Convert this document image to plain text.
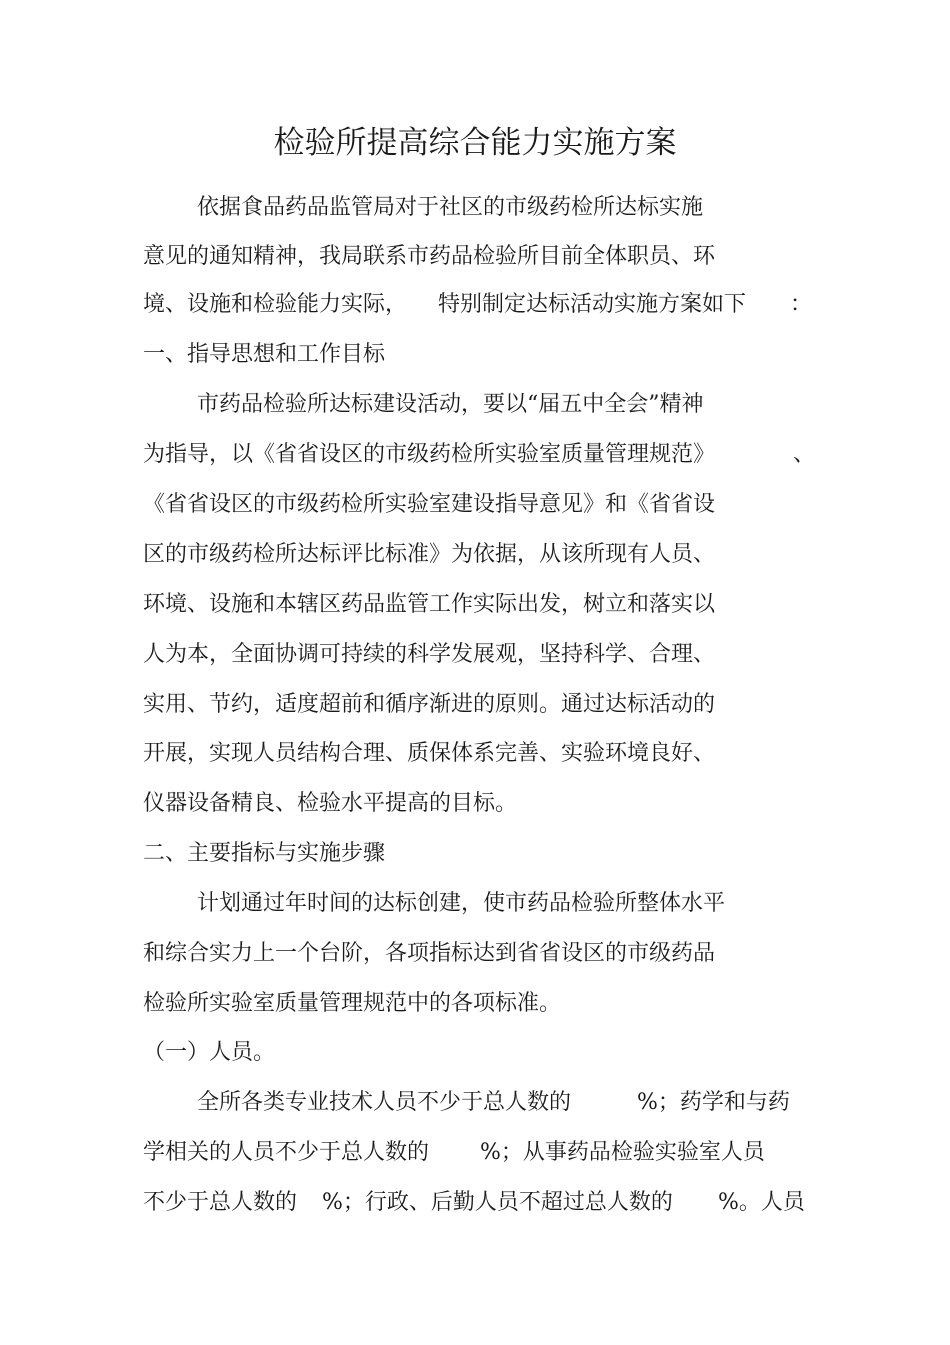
检验所提高综合能力实施方案
依据食品药品监管局对于社区的市级药检所达标实施
意见的通知精神，我局联系市药品检验所目前全体职员、环
境、设施和检验能力实际， 特别制定达标活动实施方案如下 ：
一、指导思想和工作目标
市药品检验所达标建设活动，要以“届五中全会”精神
为指导，以《省省设区的市级药检所实验室质量管理规范》	、
《省省设区的市级药检所实验室建设指导意见》和《省省设
区的市级药检所达标评比标准》为依据，从该所现有人员、
环境、设施和本辖区药品监管工作实际出发，树立和落实以
人为本，全面协调可持续的科学发展观，坚持科学、合理、
实用、节约，适度超前和循序渐进的原则。通过达标活动的
开展，实现人员结构合理、质保体系完善、实验环境良好、
仪器设备精良、检验水平提高的目标。
二、主要指标与实施步骤
计划通过年时间的达标创建，使市药品检验所整体水平
和综合实力上一个台阶，各项指标达到省省设区的市级药品
检验所实验室质量管理规范中的各项标准。
（一）人员。
全所各类专业技术人员不少于总人数的	%；药学和与药
学相关的人员不少于总人数的 %；从事药品检验实验室人员
不少于总人数的 %；行政、后勤人员不超过总人数的 %。人员
